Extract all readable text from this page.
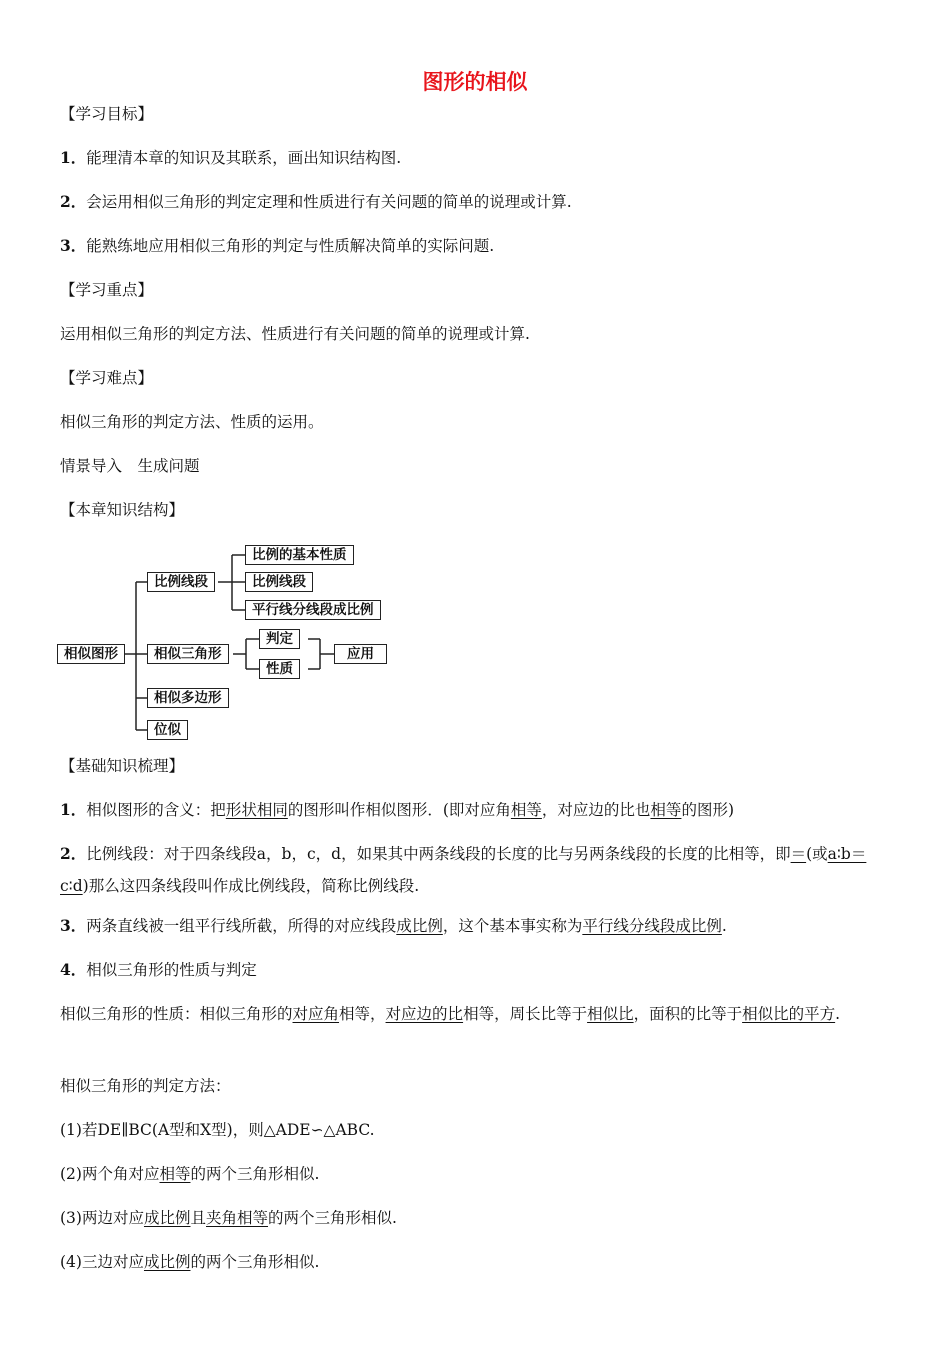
图形的相似
【学习目标】
1．能理清本章的知识及其联系，画出知识结构图.
2．会运用相似三角形的判定定理和性质进行有关问题的简单的说理或计算.
3．能熟练地应用相似三角形的判定与性质解决简单的实际问题.
【学习重点】
运用相似三角形的判定方法、性质进行有关问题的简单的说理或计算.
【学习难点】
相似三角形的判定方法、性质的运用。
情景导入　生成问题
【本章知识结构】
相似图形
比例线段
比例的基本性质
比例线段
平行线分线段成比例
相似三角形
判定
性质
应用
相似多边形
位似
【基础知识梳理】
1．相似图形的含义：把形状相同的图形叫作相似图形．(即对应角相等，对应边的比也相等的图形)
2．比例线段：对于四条线段a，b，c，d，如果其中两条线段的长度的比与另两条线段的长度的比相等，即＝(或a∶b＝c∶d)那么这四条线段叫作成比例线段，简称比例线段.
3．两条直线被一组平行线所截，所得的对应线段成比例，这个基本事实称为平行线分线段成比例.
4．相似三角形的性质与判定
相似三角形的性质：相似三角形的对应角相等，对应边的比相等，周长比等于相似比，面积的比等于相似比的平方.
相似三角形的判定方法：
(1)若DE∥BC(A型和X型)，则△ADE∽△ABC.
(2)两个角对应相等的两个三角形相似.
(3)两边对应成比例且夹角相等的两个三角形相似.
(4)三边对应成比例的两个三角形相似.
